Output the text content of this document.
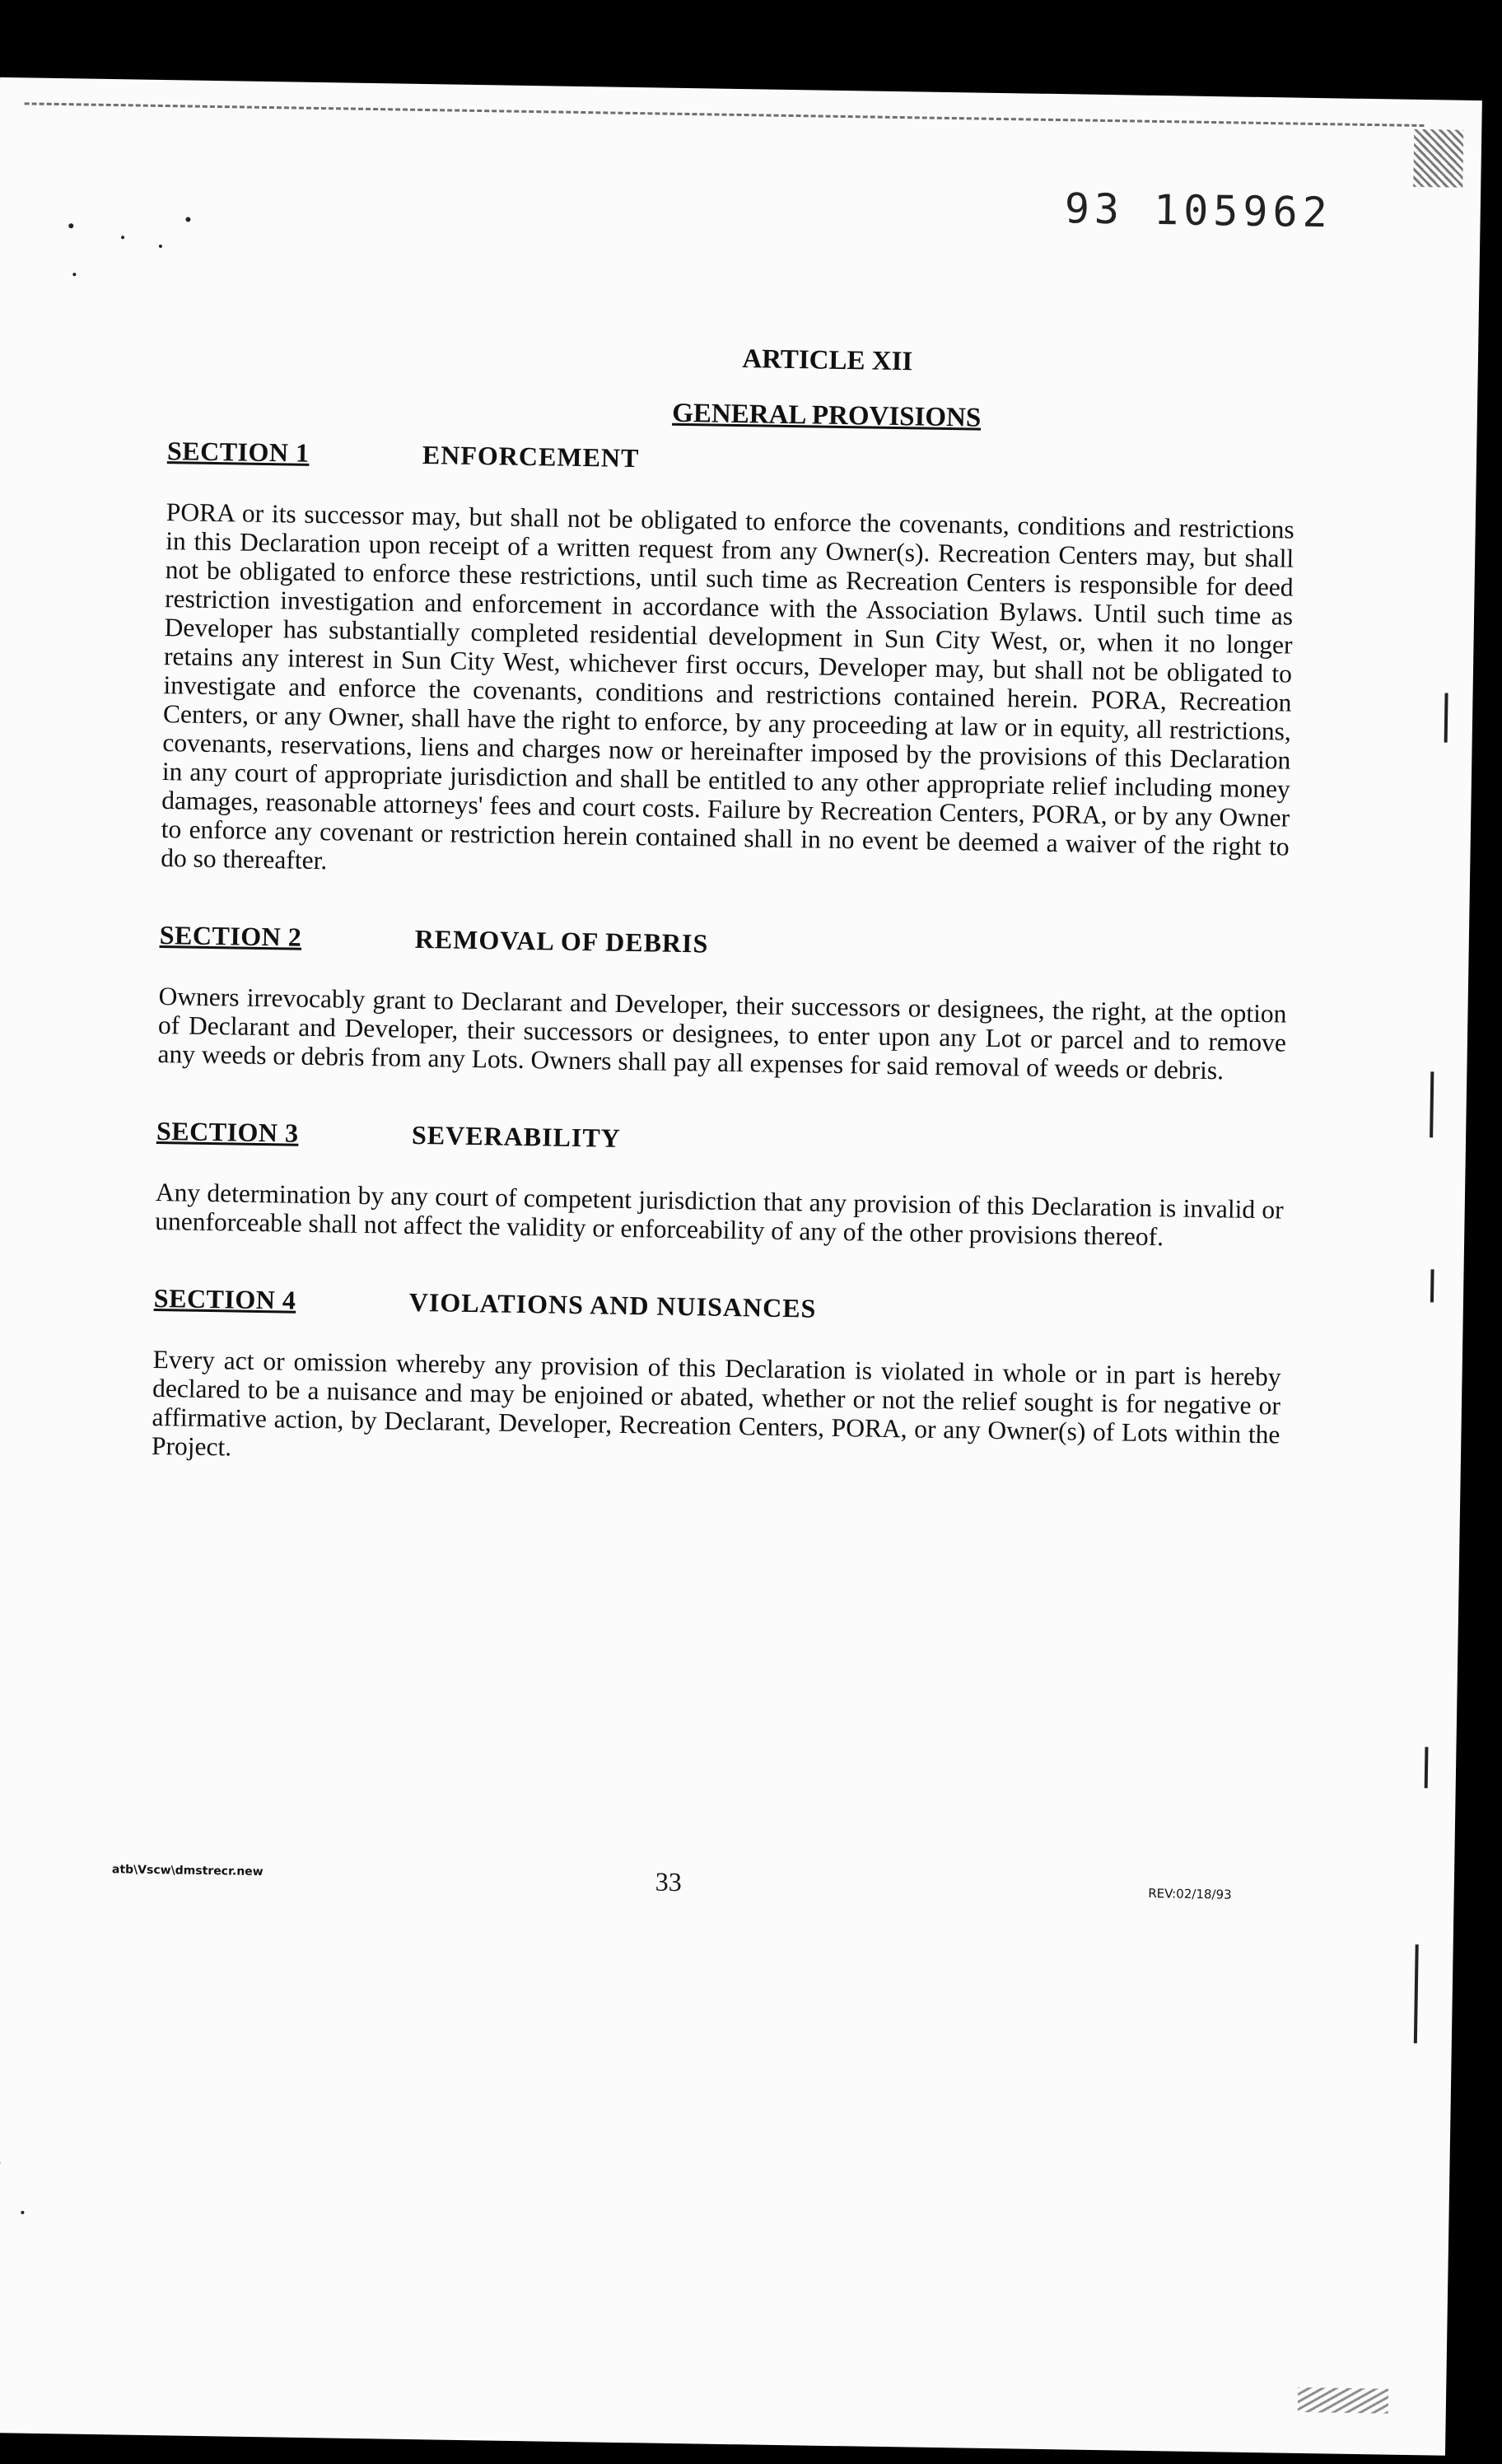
93 105962
ARTICLE XII
GENERAL PROVISIONS
SECTION 1	ENFORCEMENT

PORA or its successor may, but shall not be obligated to enforce the covenants, conditions and restrictions in this Declaration upon receipt of a written request from any Owner(s). Recreation Centers may, but shall not be obligated to enforce these restrictions, until such time as Recreation Centers is responsible for deed restriction investigation and enforcement in accordance with the Association Bylaws. Until such time as Developer has substantially completed residential development in Sun City West, or, when it no longer retains any interest in Sun City West, whichever first occurs, Developer may, but shall not be obligated to investigate and enforce the covenants, conditions and restrictions contained herein. PORA, Recreation Centers, or any Owner, shall have the right to enforce, by any proceeding at law or in equity, all restrictions, covenants, reservations, liens and charges now or hereinafter imposed by the provisions of this Declaration in any court of appropriate jurisdiction and shall be entitled to any other appropriate relief including money damages, reasonable attorneys' fees and court costs. Failure by Recreation Centers, PORA, or by any Owner to enforce any covenant or restriction herein contained shall in no event be deemed a waiver of the right to do so thereafter.

SECTION 2	REMOVAL OF DEBRIS

Owners irrevocably grant to Declarant and Developer, their successors or designees, the right, at the option of Declarant and Developer, their successors or designees, to enter upon any Lot or parcel and to remove any weeds or debris from any Lots. Owners shall pay all expenses for said removal of weeds or debris.

SECTION 3	SEVERABILITY

Any determination by any court of competent jurisdiction that any provision of this Declaration is invalid or unenforceable shall not affect the validity or enforceability of any of the other provisions thereof.

SECTION 4	VIOLATIONS AND NUISANCES

Every act or omission whereby any provision of this Declaration is violated in whole or in part is hereby declared to be a nuisance and may be enjoined or abated, whether or not the relief sought is for negative or affirmative action, by Declarant, Developer, Recreation Centers, PORA, or any Owner(s) of Lots within the Project.

atb\Vscw\dmstrecr.new	33	REV:02/18/93
